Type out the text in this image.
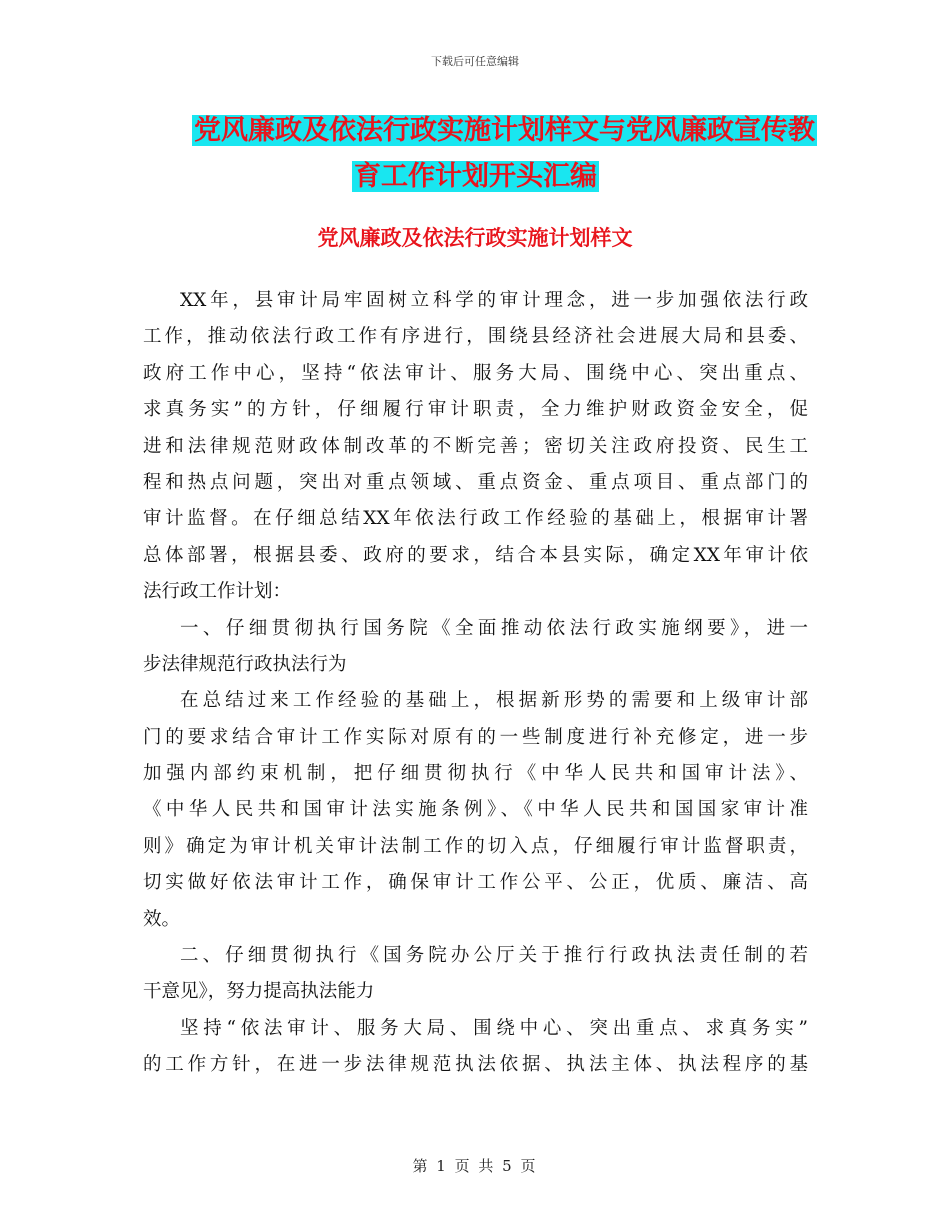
下载后可任意编辑
党风廉政及依法行政实施计划样文与党风廉政宣传教
育工作计划开头汇编
党风廉政及依法行政实施计划样文
XX年，县审计局牢固树立科学的审计理念，进一步加强依法行政
工作，推动依法行政工作有序进行，围绕县经济社会进展大局和县委、
政府工作中心，坚持“依法审计、服务大局、围绕中心、突出重点、
求真务实”的方针，仔细履行审计职责，全力维护财政资金安全，促
进和法律规范财政体制改革的不断完善；密切关注政府投资、民生工
程和热点问题，突出对重点领域、重点资金、重点项目、重点部门的
审计监督。在仔细总结XX年依法行政工作经验的基础上，根据审计署
总体部署，根据县委、政府的要求，结合本县实际，确定XX年审计依
法行政工作计划：
一、仔细贯彻执行国务院《全面推动依法行政实施纲要》，进一
步法律规范行政执法行为
在总结过来工作经验的基础上，根据新形势的需要和上级审计部
门的要求结合审计工作实际对原有的一些制度进行补充修定，进一步
加强内部约束机制，把仔细贯彻执行《中华人民共和国审计法》、
《中华人民共和国审计法实施条例》、《中华人民共和国国家审计准
则》确定为审计机关审计法制工作的切入点，仔细履行审计监督职责，
切实做好依法审计工作，确保审计工作公平、公正，优质、廉洁、高
效。
二、仔细贯彻执行《国务院办公厅关于推行行政执法责任制的若
干意见》，努力提高执法能力
坚持“依法审计、服务大局、围绕中心、突出重点、求真务实”
的工作方针，在进一步法律规范执法依据、执法主体、执法程序的基
第 1 页 共 5 页
